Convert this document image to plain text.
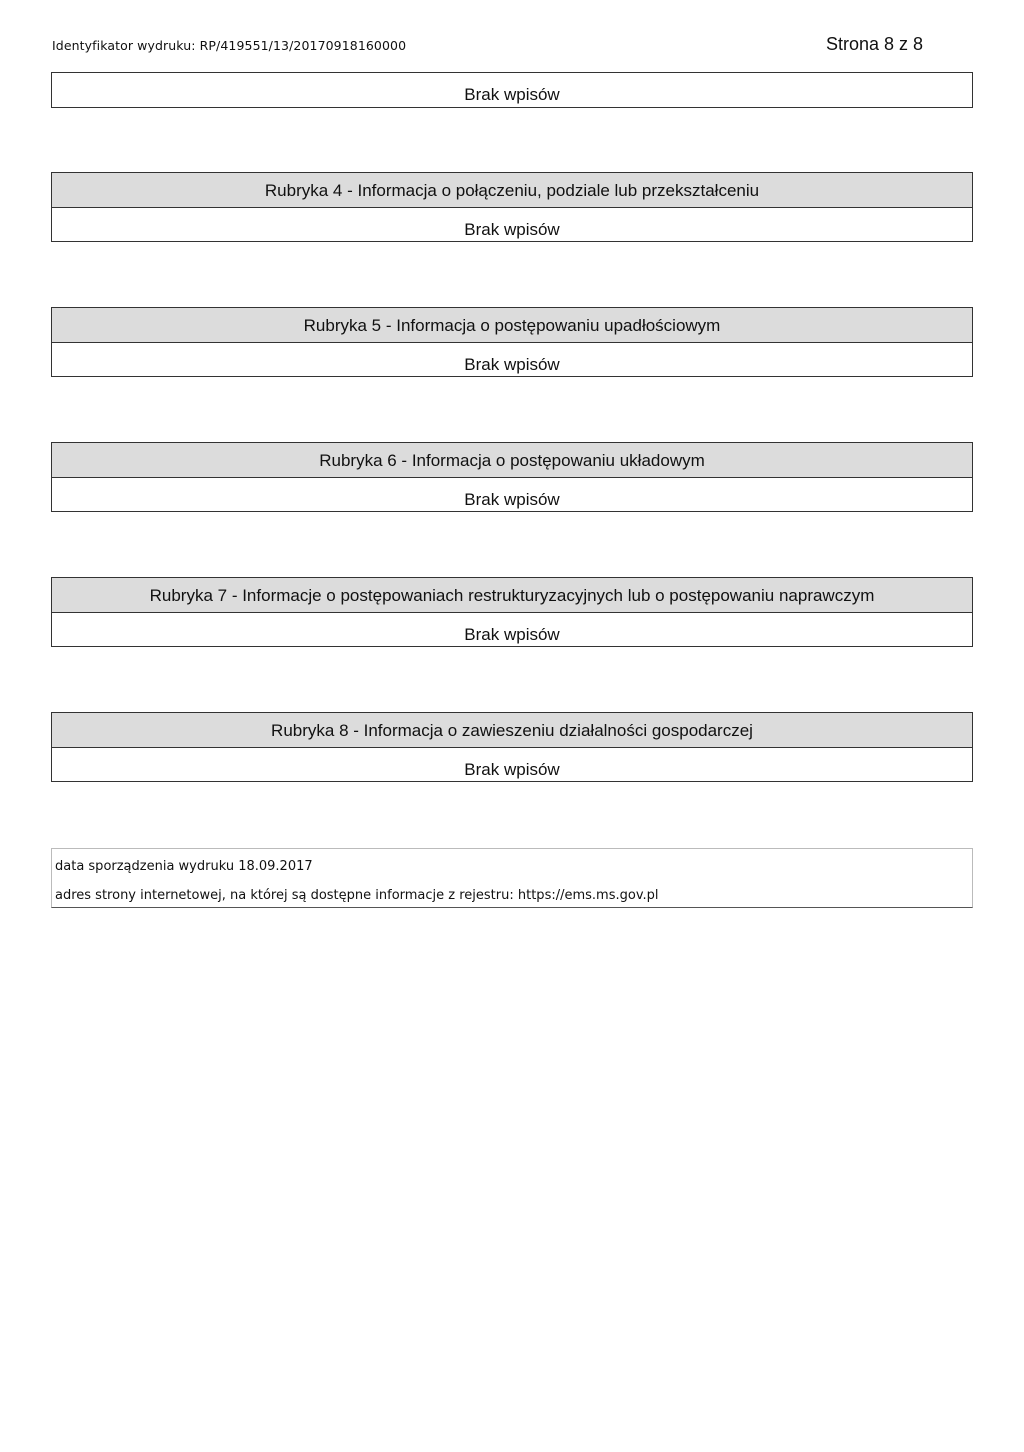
Identyfikator wydruku: RP/419551/13/20170918160000	Strona 8 z 8
Brak wpisów
Rubryka 4 - Informacja o połączeniu, podziale lub przekształceniu
Brak wpisów
Rubryka 5 - Informacja o postępowaniu upadłościowym
Brak wpisów
Rubryka 6 - Informacja o postępowaniu układowym
Brak wpisów
Rubryka 7 - Informacje o postępowaniach restrukturyzacyjnych lub o postępowaniu naprawczym
Brak wpisów
Rubryka 8 - Informacja o zawieszeniu działalności gospodarczej
Brak wpisów
data sporządzenia wydruku 18.09.2017
adres strony internetowej, na której są dostępne informacje z rejestru: https://ems.ms.gov.pl
